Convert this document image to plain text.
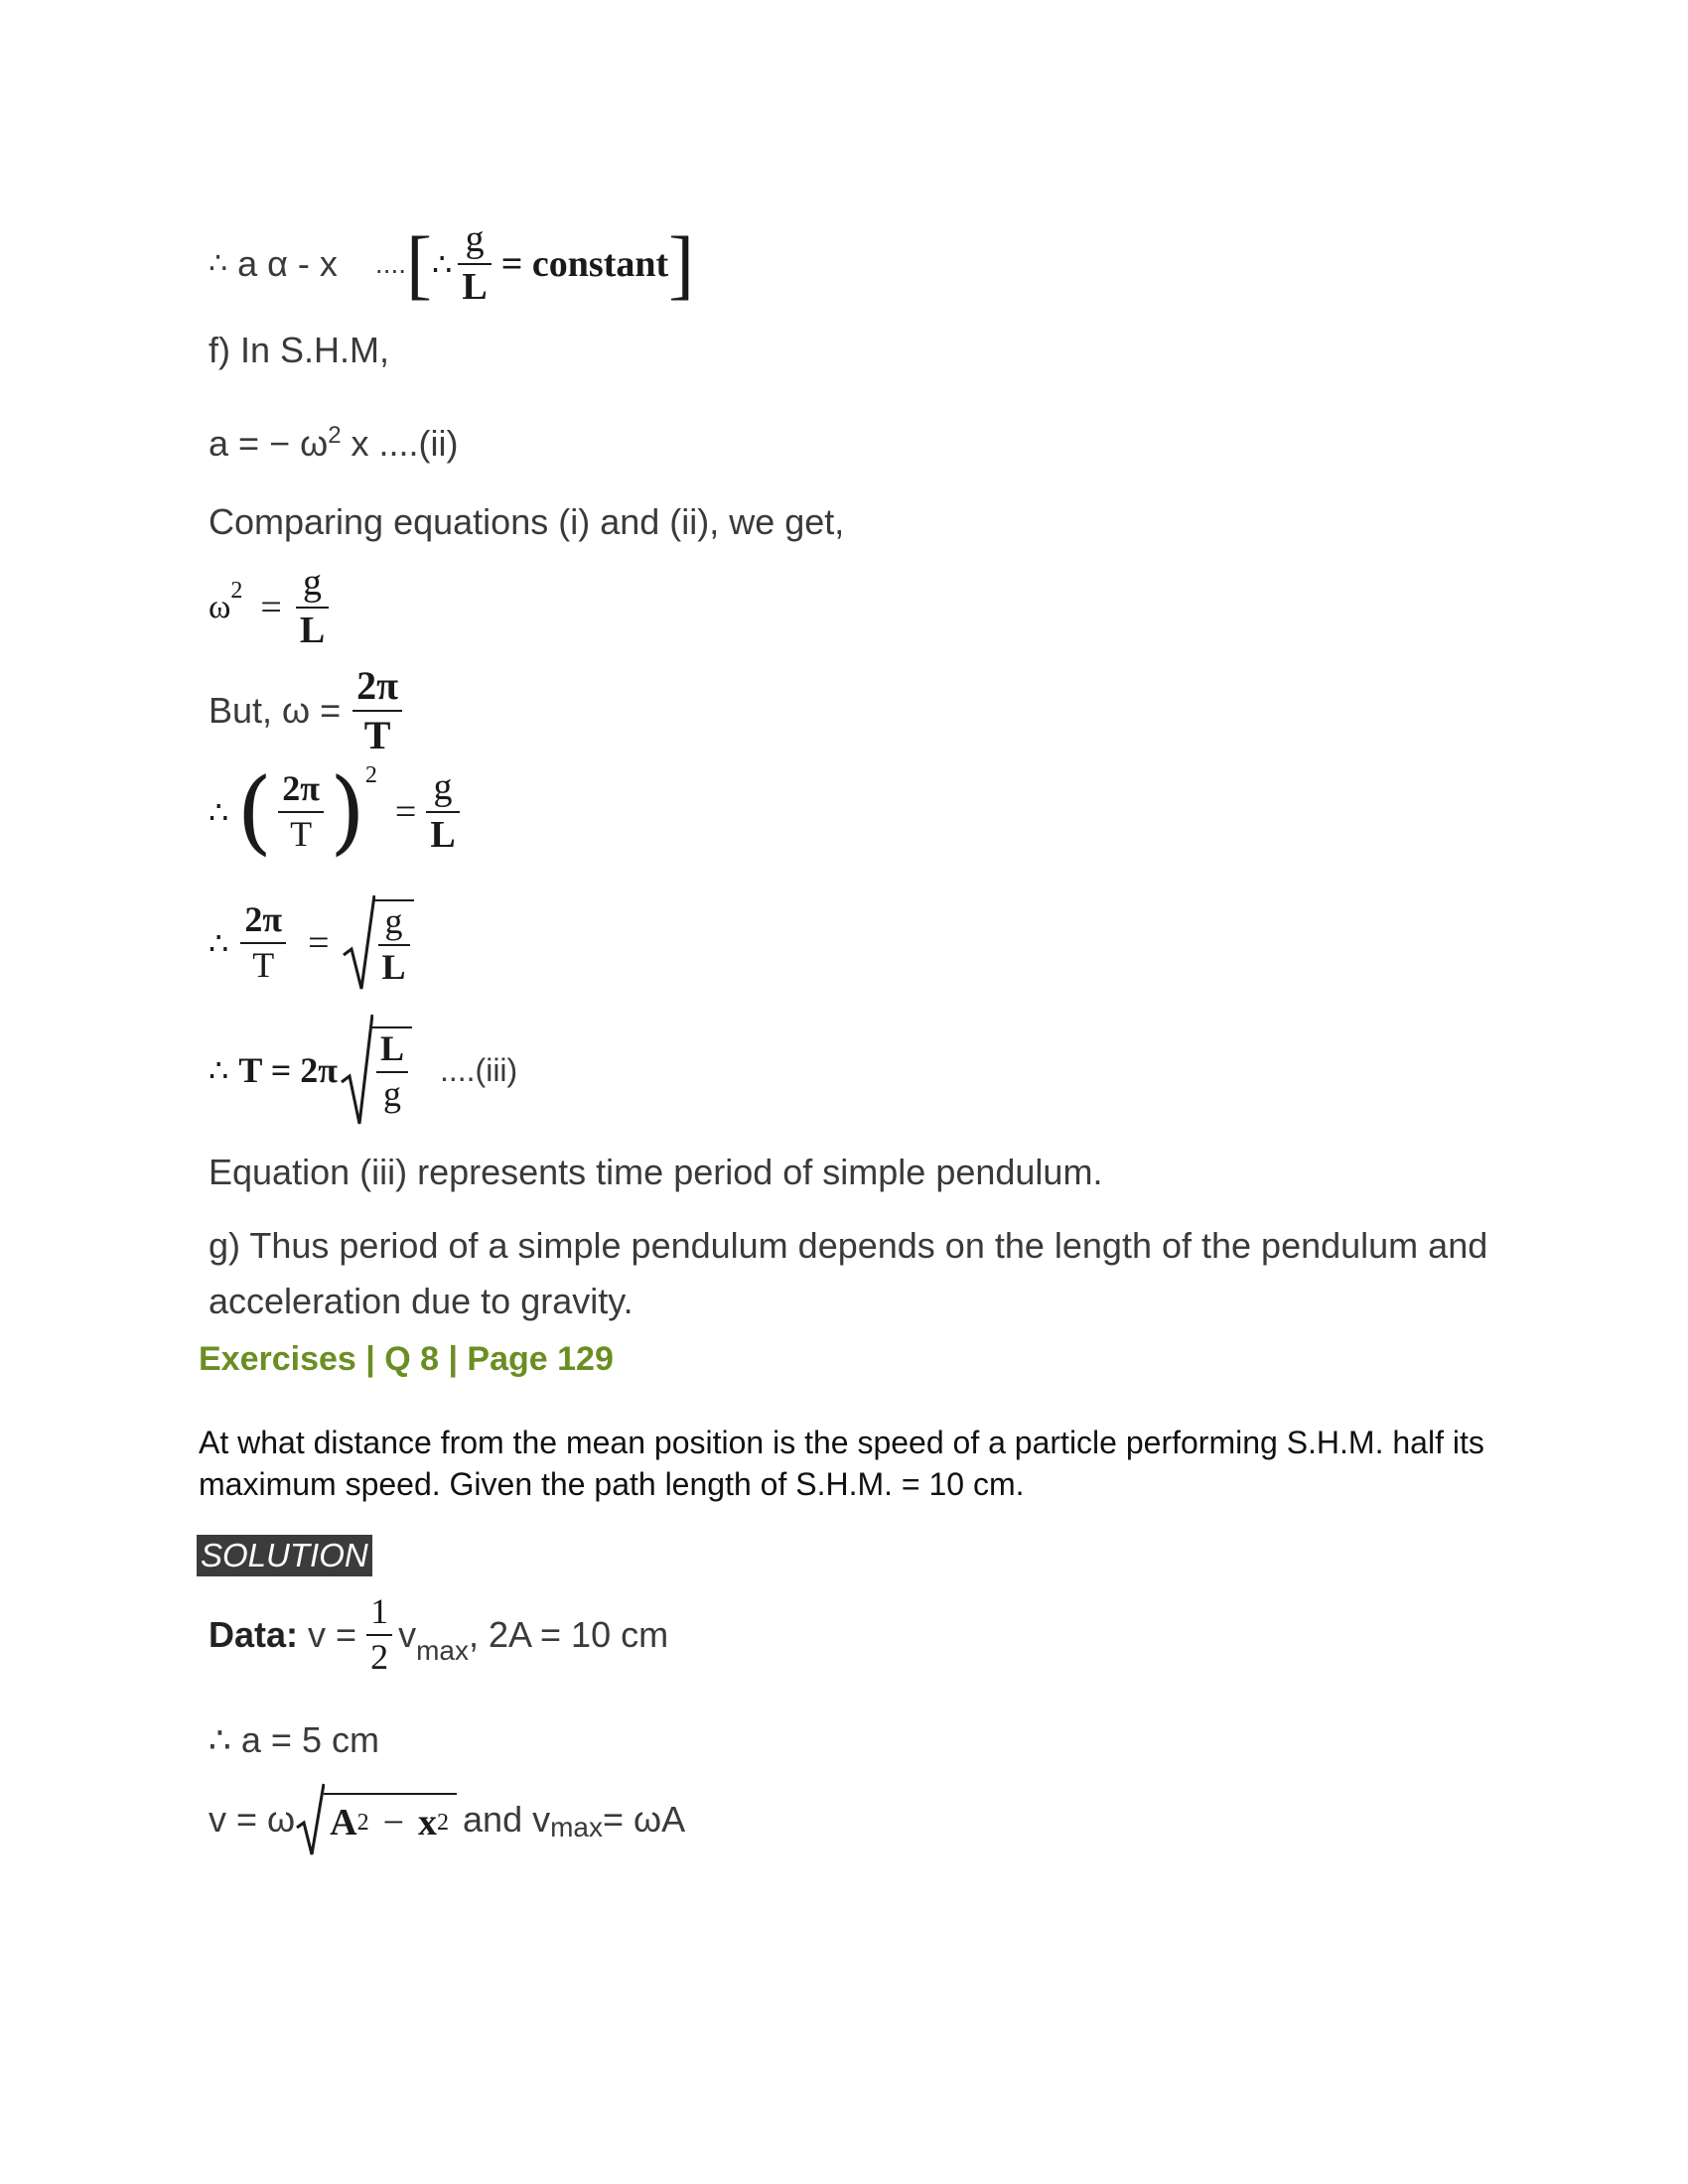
∴ a α - x .... [ ∴ $\frac{g}{L}$ = constant ]
f) In S.H.M,
a = − $\omega^2$ x ....(ii)
Comparing equations (i) and (ii), we get,
ω $2 = \frac{g}{L}$
But, $\omega = \frac{2\pi}{T}$
∴ ( $\frac{2\pi}{T}$ ) 2
= $\frac{g}{L}$
∴ $\frac{2\pi}{T} = \frac{g}{L}$
∴ $T = 2\pi \frac{L}{g} ....(iii)$
Equation (iii) represents time period of simple pendulum.
g) Thus period of a simple pendulum depends on the length of the pendulum and
acceleration due to gravity.
Exercises | Q 8 | Page 129
At what distance from the mean position is the speed of a particle performing S.H.M. half its maximum speed. Given the path length of S.H.M. = 10 cm.
SOLUTION
Data: $v = \frac{1}{2}$ v max , 2A = 10 cm
∴ a = 5 cm
v = ω A 2 − x 2 and v max = ωA
